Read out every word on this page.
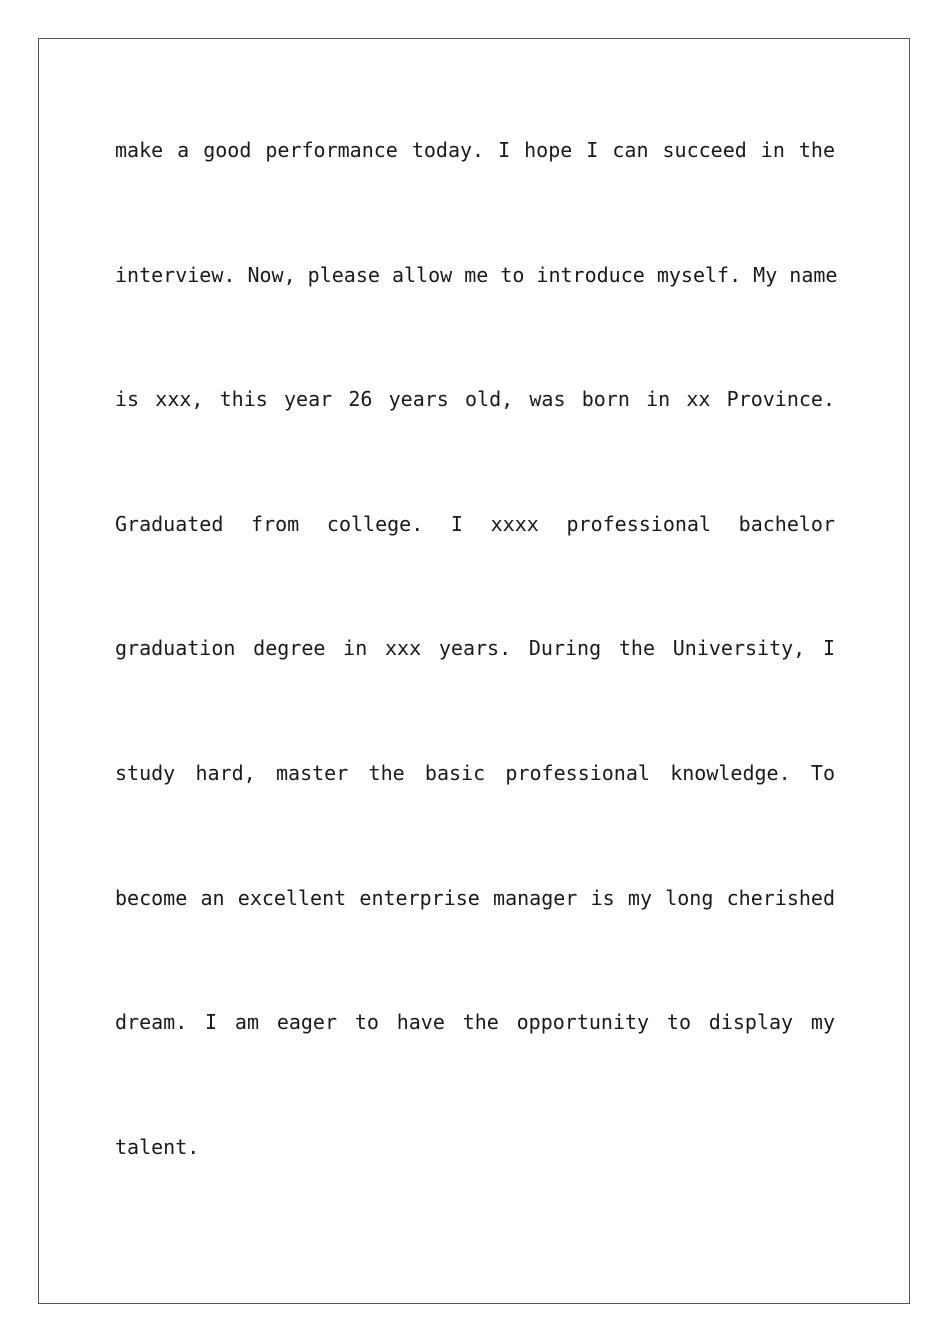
make a good performance today. I hope I can succeed in the
interview. Now, please allow me to introduce myself. My name
is xxx, this year 26 years old, was born in xx Province.
Graduated from college. I xxxx professional bachelor
graduation degree in xxx years. During the University, I
study hard, master the basic professional knowledge. To
become an excellent enterprise manager is my long cherished
dream. I am eager to have the opportunity to display my
talent.
